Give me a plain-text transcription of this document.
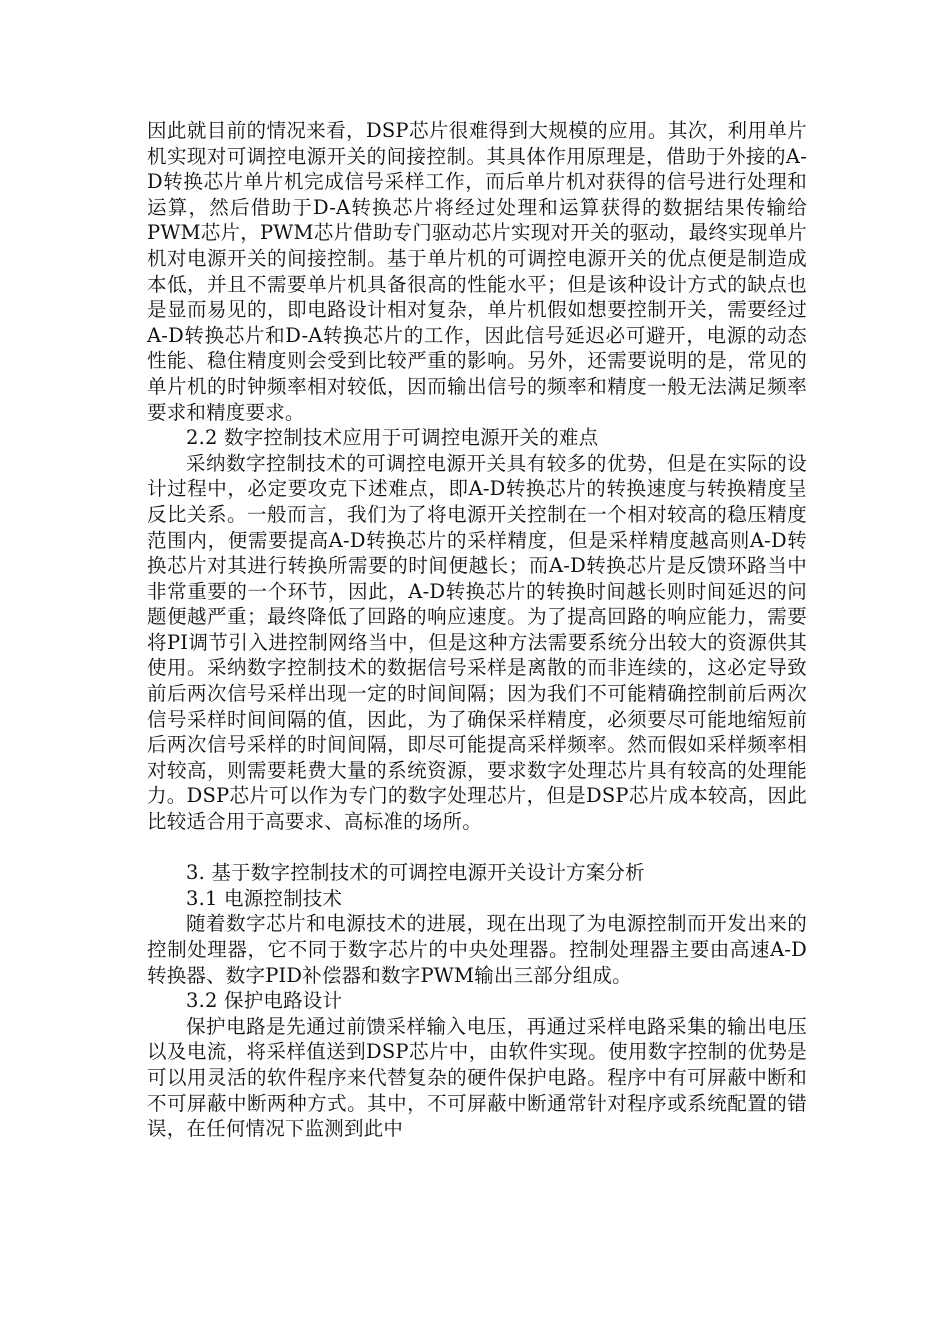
因此就目前的情况来看，DSP芯片很难得到大规模的应用。其次，利用单片机实现对可调控电源开关的间接控制。其具体作用原理是，借助于外接的A-D转换芯片单片机完成信号采样工作，而后单片机对获得的信号进行处理和运算，然后借助于D-A转换芯片将经过处理和运算获得的数据结果传输给PWM芯片，PWM芯片借助专门驱动芯片实现对开关的驱动，最终实现单片机对电源开关的间接控制。基于单片机的可调控电源开关的优点便是制造成本低，并且不需要单片机具备很高的性能水平；但是该种设计方式的缺点也是显而易见的，即电路设计相对复杂，单片机假如想要控制开关，需要经过A-D转换芯片和D-A转换芯片的工作，因此信号延迟必可避开，电源的动态性能、稳住精度则会受到比较严重的影响。另外，还需要说明的是，常见的单片机的时钟频率相对较低，因而输出信号的频率和精度一般无法满足频率要求和精度要求。

2.2 数字控制技术应用于可调控电源开关的难点

采纳数字控制技术的可调控电源开关具有较多的优势，但是在实际的设计过程中，必定要攻克下述难点，即A-D转换芯片的转换速度与转换精度呈反比关系。一般而言，我们为了将电源开关控制在一个相对较高的稳压精度范围内，便需要提高A-D转换芯片的采样精度，但是采样精度越高则A-D转换芯片对其进行转换所需要的时间便越长；而A-D转换芯片是反馈环路当中非常重要的一个环节，因此，A-D转换芯片的转换时间越长则时间延迟的问题便越严重；最终降低了回路的响应速度。为了提高回路的响应能力，需要将PI调节引入进控制网络当中，但是这种方法需要系统分出较大的资源供其使用。采纳数字控制技术的数据信号采样是离散的而非连续的，这必定导致前后两次信号采样出现一定的时间间隔；因为我们不可能精确控制前后两次信号采样时间间隔的值，因此，为了确保采样精度，必须要尽可能地缩短前后两次信号采样的时间间隔，即尽可能提高采样频率。然而假如采样频率相对较高，则需要耗费大量的系统资源，要求数字处理芯片具有较高的处理能力。DSP芯片可以作为专门的数字处理芯片，但是DSP芯片成本较高，因此比较适合用于高要求、高标准的场所。

3. 基于数字控制技术的可调控电源开关设计方案分析

3.1 电源控制技术

随着数字芯片和电源技术的进展，现在出现了为电源控制而开发出来的控制处理器，它不同于数字芯片的中央处理器。控制处理器主要由高速A-D转换器、数字PID补偿器和数字PWM输出三部分组成。

3.2 保护电路设计

保护电路是先通过前馈采样输入电压，再通过采样电路采集的输出电压以及电流，将采样值送到DSP芯片中，由软件实现。使用数字控制的优势是可以用灵活的软件程序来代替复杂的硬件保护电路。程序中有可屏蔽中断和不可屏蔽中断两种方式。其中，不可屏蔽中断通常针对程序或系统配置的错误，在任何情况下监测到此中
